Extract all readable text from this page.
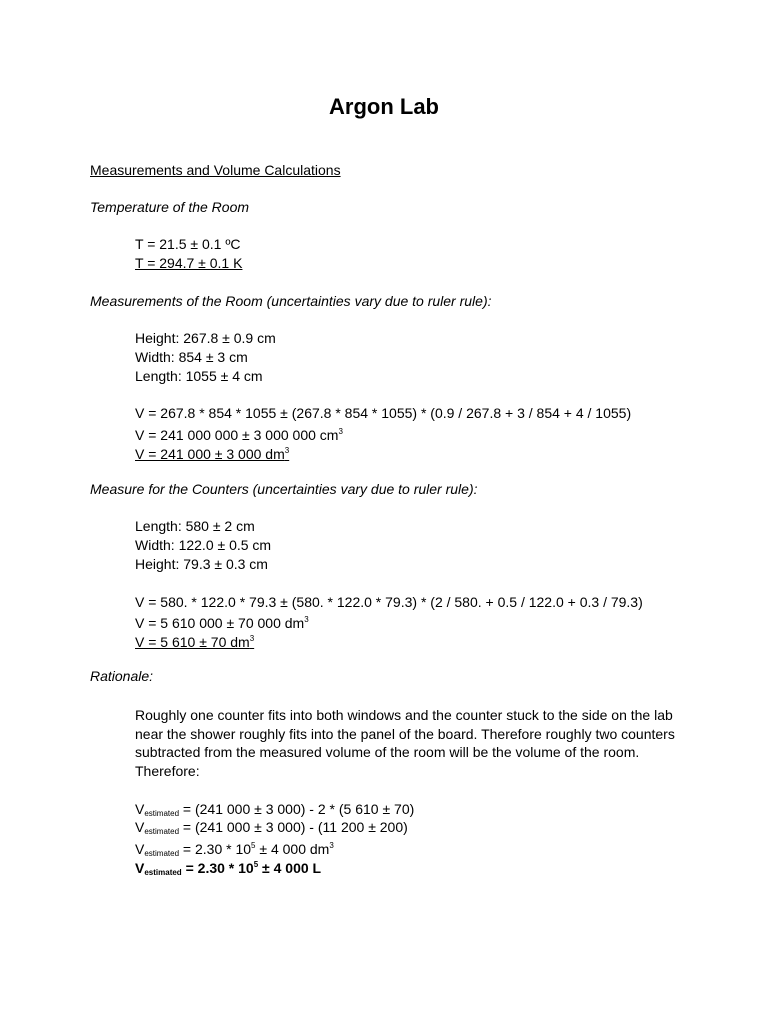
Argon Lab
Measurements and Volume Calculations
Temperature of the Room
T = 21.5 ± 0.1 ºC
T = 294.7 ± 0.1 K
Measurements of the Room (uncertainties vary due to ruler rule):
Height: 267.8 ± 0.9 cm
Width: 854 ± 3 cm
Length: 1055 ± 4 cm
V = 267.8 * 854 * 1055 ± (267.8 * 854 * 1055) * (0.9 / 267.8 + 3 / 854 + 4 / 1055)
V = 241 000 000 ± 3 000 000 $cm^3$
V = 241 000 ± 3 000 $dm^3$
Measure for the Counters (uncertainties vary due to ruler rule):
Length: 580 ± 2 cm
Width: 122.0 ± 0.5 cm
Height: 79.3 ± 0.3 cm
V = 580. * 122.0 * 79.3 ± (580. * 122.0 * 79.3) * (2 / 580. + 0.5 / 122.0 + 0.3 / 79.3)
V = 5 610 000 ± 70 000 $dm^3$
V = 5 610 ± 70 $dm^3$
Rationale:

Roughly one counter fits into both windows and the counter stuck to the side on the lab near the shower roughly fits into the panel of the board. Therefore roughly two counters subtracted from the measured volume of the room will be the volume of the room. Therefore:

$V_{estimated} = (241$ 000 ± 3 000) - 2 * (5 610 ± 70)
$V_{estimated} = (241$ 000 ± 3 000) - (11 200 ± 200)
$V_{estimated} = 2.30 * 10^5 \pm 4$ 000 $dm^3$
$V_{estimated} = 2.30 * 10^5 \pm 4$ 000 L
